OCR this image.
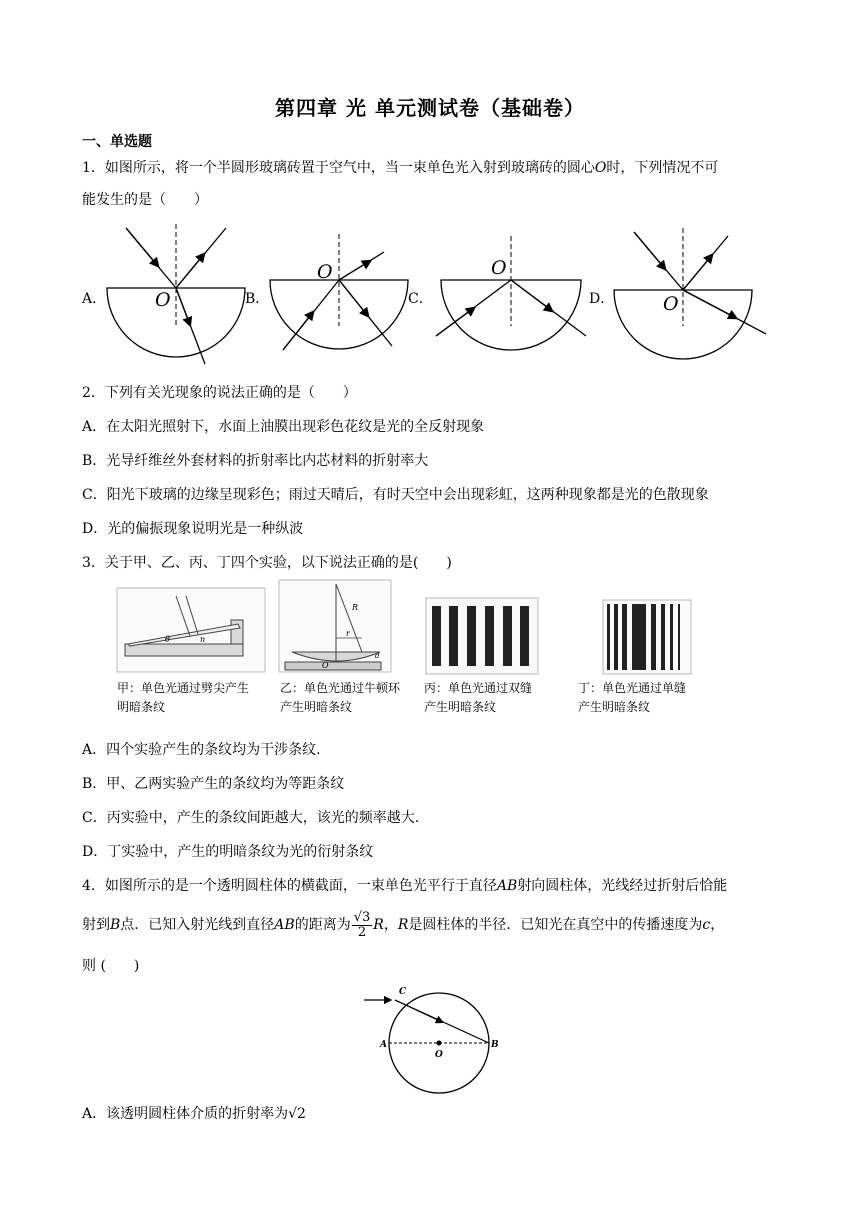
第四章 光 单元测试卷（基础卷）
一、单选题
1．如图所示，将一个半圆形玻璃砖置于空气中，当一束单色光入射到玻璃砖的圆心O时，下列情况不可
能发生的是（　　）
A．	B．	C．	D．
O
O	O
O
2．下列有关光现象的说法正确的是（　　）
A．在太阳光照射下，水面上油膜出现彩色花纹是光的全反射现象
B．光导纤维丝外套材料的折射率比内芯材料的折射率大
C．阳光下玻璃的边缘呈现彩色；雨过天晴后，有时天空中会出现彩虹，这两种现象都是光的色散现象
D．光的偏振现象说明光是一种纵波
3．关于甲、乙、丙、丁四个实验，以下说法正确的是(　　)
θ	n
R
r
d
O
甲：单色光通过劈尖产生
明暗条纹
乙：单色光通过牛顿环
产生明暗条纹
丙：单色光通过双缝
产生明暗条纹
丁：单色光通过单缝
产生明暗条纹
A．四个实验产生的条纹均为干涉条纹.
B．甲、乙两实验产生的条纹均为等距条纹
C．丙实验中，产生的条纹间距越大，该光的频率越大.
D．丁实验中，产生的明暗条纹为光的衍射条纹
4．如图所示的是一个透明圆柱体的横截面，一束单色光平行于直径AB射向圆柱体，光线经过折射后恰能
射到B点．已知入射光线到直径AB的距离为 $\frac{√3}{2}$ R，R是圆柱体的半径．已知光在真空中的传播速度为c，
则 (　　)
C
A	B
O
A．该透明圆柱体介质的折射率为√2
